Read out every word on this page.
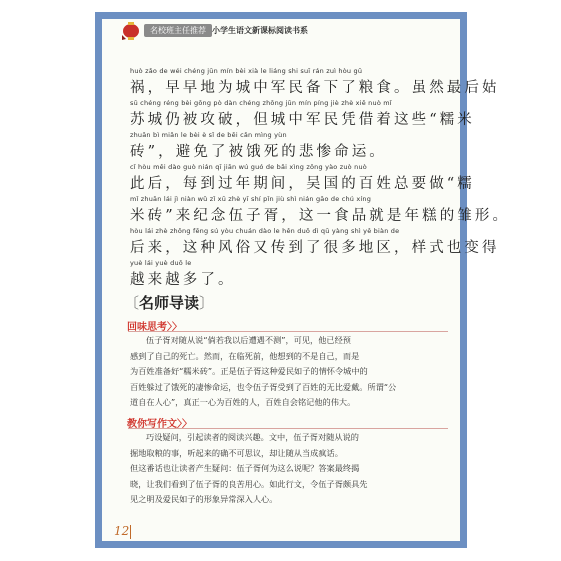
名校班主任推荐 小学生语文新课标阅读书系
huò zǎo de wéi chéng jūn mín bèi xià le liáng shi suī rán zuì hòu gū
祸，早早地为城中军民备下了粮食。虽然最后姑
sū chéng réng bèi gōng pò dàn chéng zhōng jūn mín píng jiè zhè xiē nuò mǐ
苏城仍被攻破，但城中军民凭借着这些“糯米
zhuān bì miǎn le bèi è sǐ de bēi cǎn mìng yùn
砖”，避免了被饿死的悲惨命运。
cǐ hòu měi dào guò nián qī jiān wú guó de bǎi xìng zǒng yào zuò nuò
此后，每到过年期间，吴国的百姓总要做“糯
mǐ zhuān lái jì niàn wǔ zǐ xū zhè yī shí pǐn jiù shì nián gāo de chú xíng
米砖”来纪念伍子胥，这一食品就是年糕的雏形。
hòu lái zhè zhǒng fēng sú yòu chuán dào le hěn duō dì qū yàng shì yě biàn de
后来，这种风俗又传到了很多地区，样式也变得
yuè lái yuè duō le
越来越多了。
〔名师导读〕
回味思考〉〉
伍子胥对随从说“倘若我以后遭遇不测”，可见，他已经预
感到了自己的死亡。然而，在临死前，他想到的不是自己，而是
为百姓准备好“糯米砖”。正是伍子胥这种爱民如子的情怀令城中的
百姓躲过了饿死的凄惨命运，也令伍子胥受到了百姓的无比爱戴。所谓“公
道自在人心”，真正一心为百姓的人，百姓自会铭记他的伟大。
教你写作文〉〉
巧设疑问，引起读者的阅读兴趣。文中，伍子胥对随从说的
掘地取粮的事，听起来的确不可思议，却让随从当成疯话。
但这番话也让读者产生疑问：伍子胥何为这么说呢？答案最终揭
晓，让我们看到了伍子胥的良苦用心。如此行文，令伍子胥颇具先
见之明及爱民如子的形象异常深入人心。
12
